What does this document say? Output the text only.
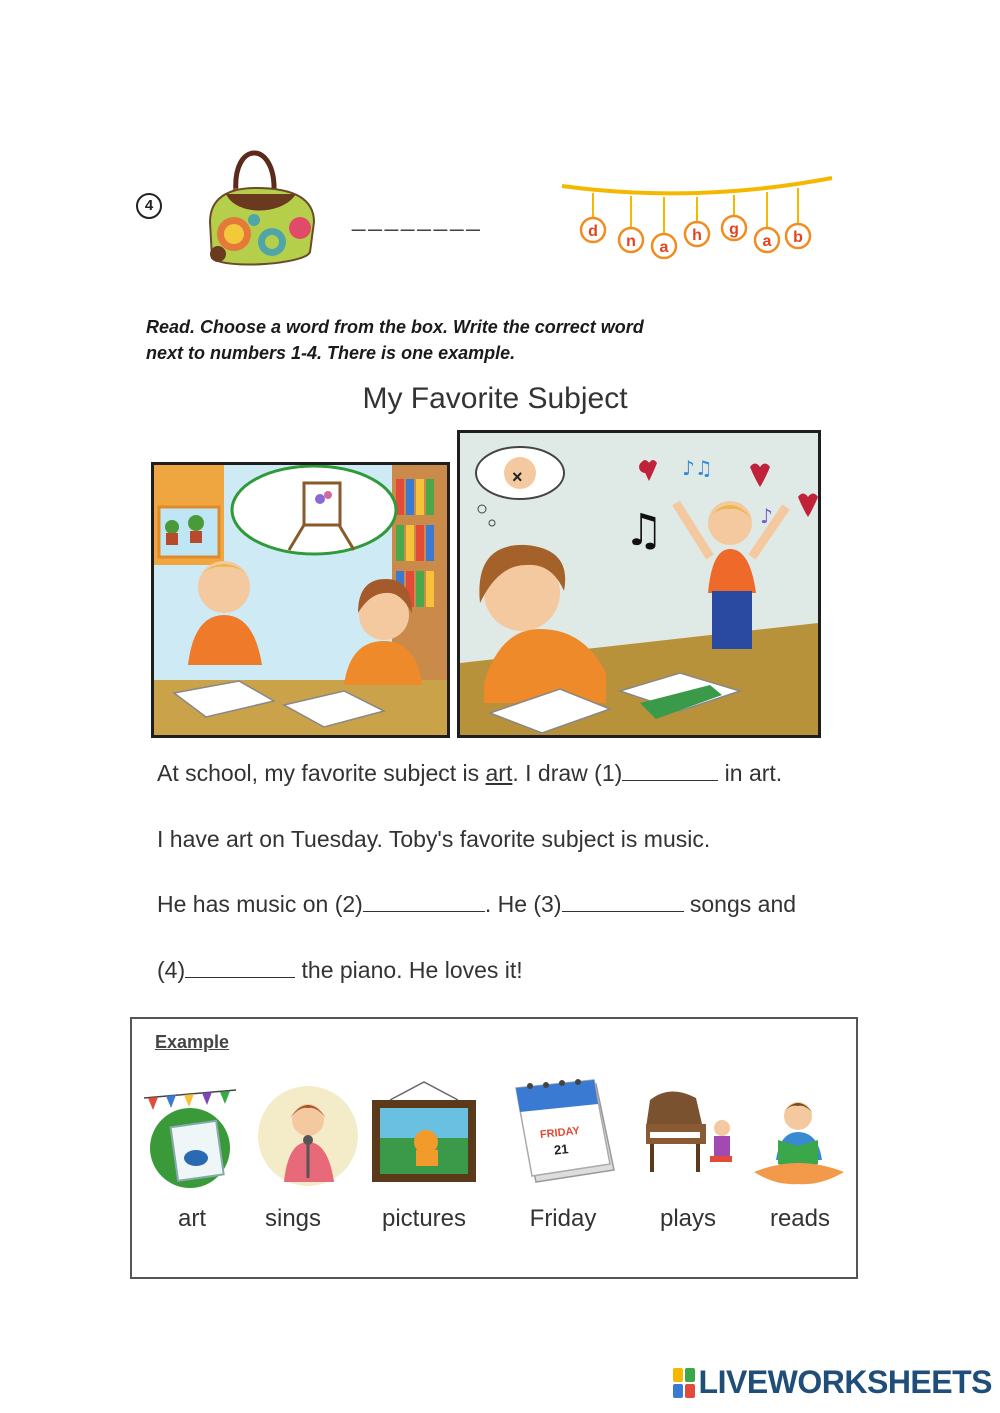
4	________	d
n a
h g
a b
Read. Choose a word from the box. Write the correct word
next to numbers 1-4. There is one example.
My Favorite Subject
×
♫
♪♫
♪
At school, my favorite subject is art. I draw (1)	in art.
I have art on Tuesday. Toby's favorite subject is music.
He has music on (2)	. He (3)	songs and
(4)	the piano. He loves it!
Example
FRIDAY
21
art	sings	pictures	Friday	plays	reads
LIVEWORKSHEETS
